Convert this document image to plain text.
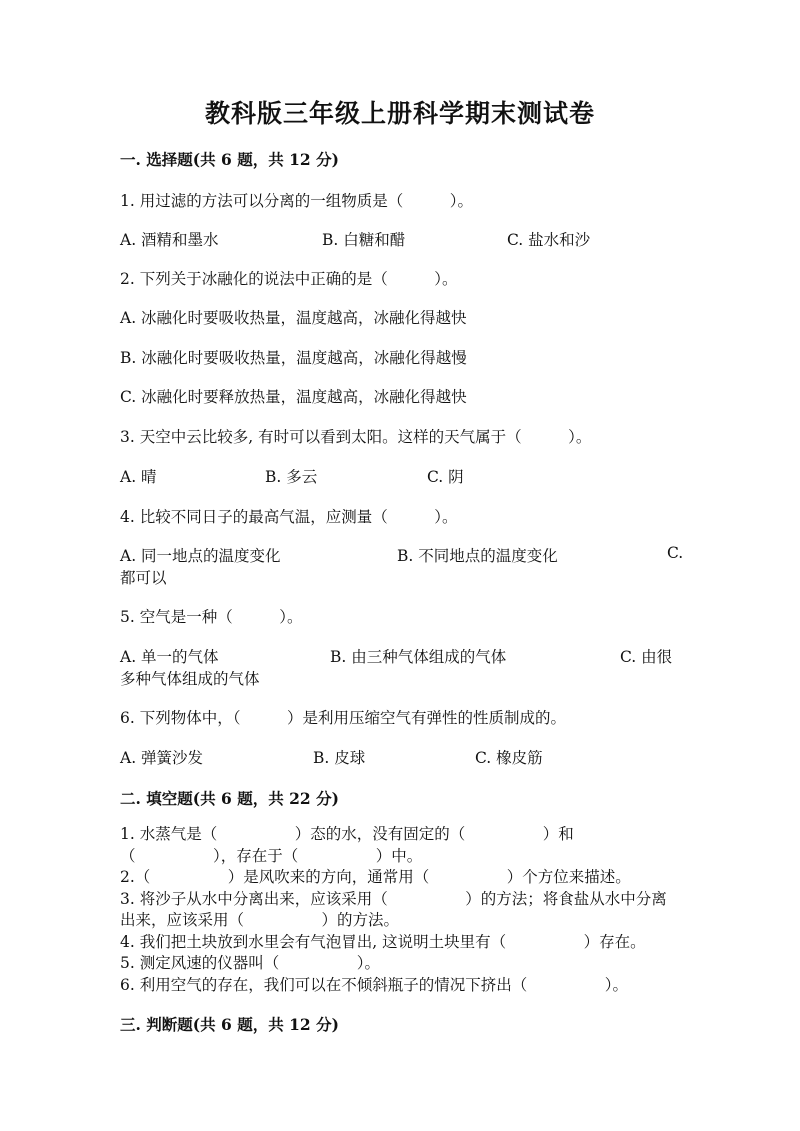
教科版三年级上册科学期末测试卷
一. 选择题(共 6 题，共 12 分)
1. 用过滤的方法可以分离的一组物质是（　　　）。
A. 酒精和墨水	B. 白糖和醋	C. 盐水和沙
2. 下列关于冰融化的说法中正确的是（　　　）。
A. 冰融化时要吸收热量，温度越高，冰融化得越快
B. 冰融化时要吸收热量，温度越高，冰融化得越慢
C. 冰融化时要释放热量，温度越高，冰融化得越快
3. 天空中云比较多, 有时可以看到太阳。这样的天气属于（　　　）。
A. 晴	B. 多云	C. 阴
4. 比较不同日子的最高气温，应测量（　　　）。
A. 同一地点的温度变化	B. 不同地点的温度变化	C.
都可以
5. 空气是一种（　　　）。
A. 单一的气体	B. 由三种气体组成的气体	C. 由很
多种气体组成的气体
6. 下列物体中，（　　　）是利用压缩空气有弹性的性质制成的。
A. 弹簧沙发	B. 皮球	C. 橡皮筋
二. 填空题(共 6 题，共 22 分)
1. 水蒸气是（　　　　　）态的水，没有固定的（　　　　　）和
（　　　　　），存在于（　　　　　）中。
2.（　　　　　）是风吹来的方向，通常用（　　　　　）个方位来描述。
3. 将沙子从水中分离出来，应该采用（　　　　　）的方法；将食盐从水中分离
出来，应该采用（　　　　　）的方法。
4. 我们把土块放到水里会有气泡冒出, 这说明土块里有（　　　　　）存在。
5. 测定风速的仪器叫（　　　　　）。
6. 利用空气的存在，我们可以在不倾斜瓶子的情况下挤出（　　　　　）。
三. 判断题(共 6 题，共 12 分)
